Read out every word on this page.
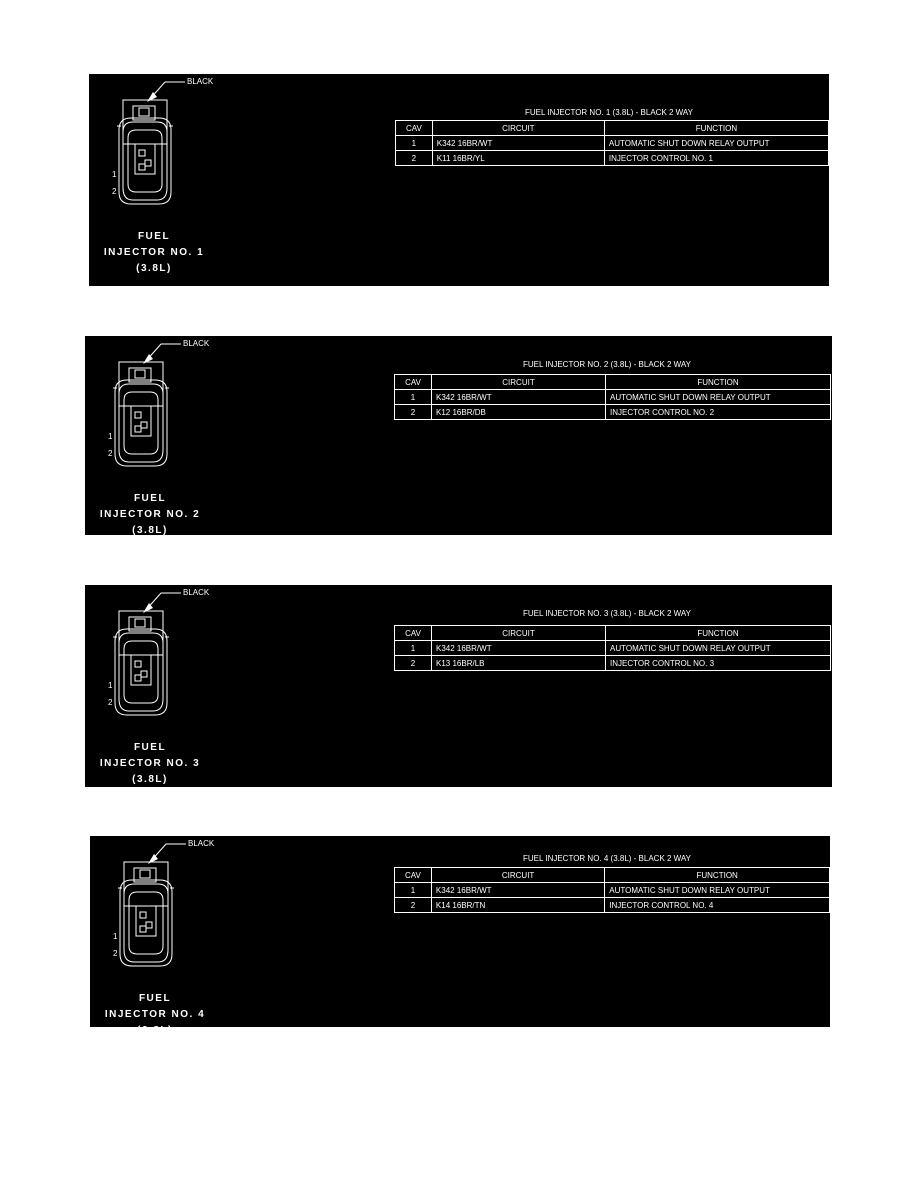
BLACK
1
2
FUEL
INJECTOR NO. 1
(3.8L)
FUEL INJECTOR NO. 1 (3.8L) - BLACK 2 WAY
CAV	CIRCUIT	FUNCTION
1	K342 16BR/WT	AUTOMATIC SHUT DOWN RELAY OUTPUT
2	K11 16BR/YL	INJECTOR CONTROL NO. 1
BLACK
1
2
FUEL
INJECTOR NO. 2
(3.8L)
FUEL INJECTOR NO. 2 (3.8L) - BLACK 2 WAY
CAV	CIRCUIT	FUNCTION
1	K342 16BR/WT	AUTOMATIC SHUT DOWN RELAY OUTPUT
2	K12 16BR/DB	INJECTOR CONTROL NO. 2
BLACK
1
2
FUEL
INJECTOR NO. 3
(3.8L)
FUEL INJECTOR NO. 3 (3.8L) - BLACK 2 WAY
CAV	CIRCUIT	FUNCTION
1	K342 16BR/WT	AUTOMATIC SHUT DOWN RELAY OUTPUT
2	K13 16BR/LB	INJECTOR CONTROL NO. 3
BLACK
1
2
FUEL
INJECTOR NO. 4
(3.8L)
FUEL INJECTOR NO. 4 (3.8L) - BLACK 2 WAY
CAV	CIRCUIT	FUNCTION
1	K342 16BR/WT	AUTOMATIC SHUT DOWN RELAY OUTPUT
2	K14 16BR/TN	INJECTOR CONTROL NO. 4
